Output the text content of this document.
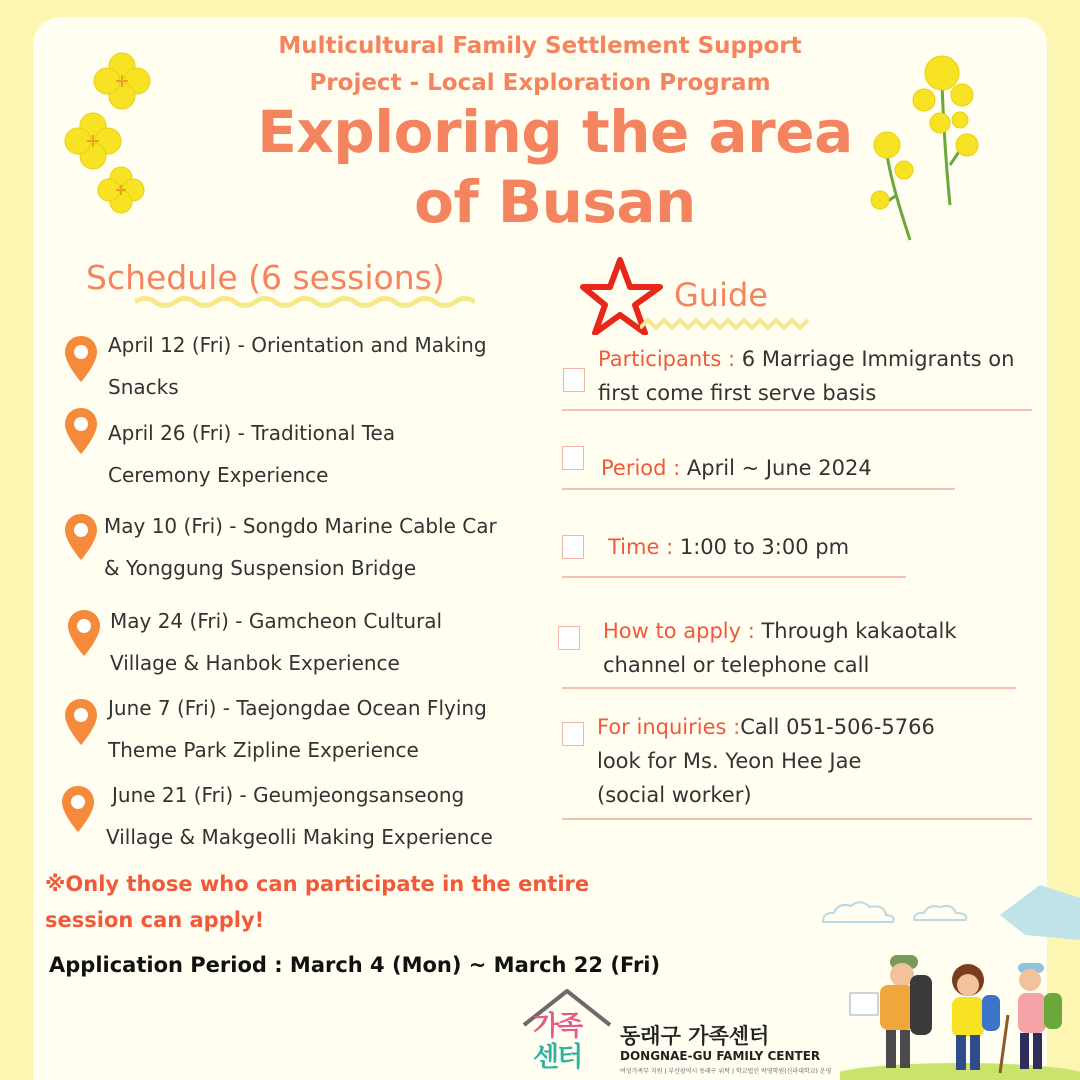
Multicultural Family Settlement Support
Project - Local Exploration Program
Exploring the area
of Busan
Schedule (6 sessions)	Guide
April 12 (Fri) - Orientation and Making
Snacks
April 26 (Fri) - Traditional Tea
Ceremony Experience
May 10 (Fri) - Songdo Marine Cable Car
& Yonggung Suspension Bridge
May 24 (Fri) - Gamcheon Cultural
Village & Hanbok Experience
June 7 (Fri) - Taejongdae Ocean Flying
Theme Park Zipline Experience
June 21 (Fri) - Geumjeongsanseong
Village & Makgeolli Making Experience
Participants : 6 Marriage Immigrants on
first come first serve basis
Period : April ~ June 2024
Time : 1:00 to 3:00 pm
How to apply : Through kakaotalk
channel or telephone call
For inquiries :Call 051-506-5766
look for Ms. Yeon Hee Jae
(social worker)
※Only those who can participate in the entire
session can apply!
Application Period : March 4 (Mon) ~ March 22 (Fri)
가족
센터
동래구 가족센터
DONGNAE-GU FAMILY CENTER
여성가족부 지원 | 부산광역시 동래구 위탁 | 학교법인 박영학원(신라대학교) 운영
